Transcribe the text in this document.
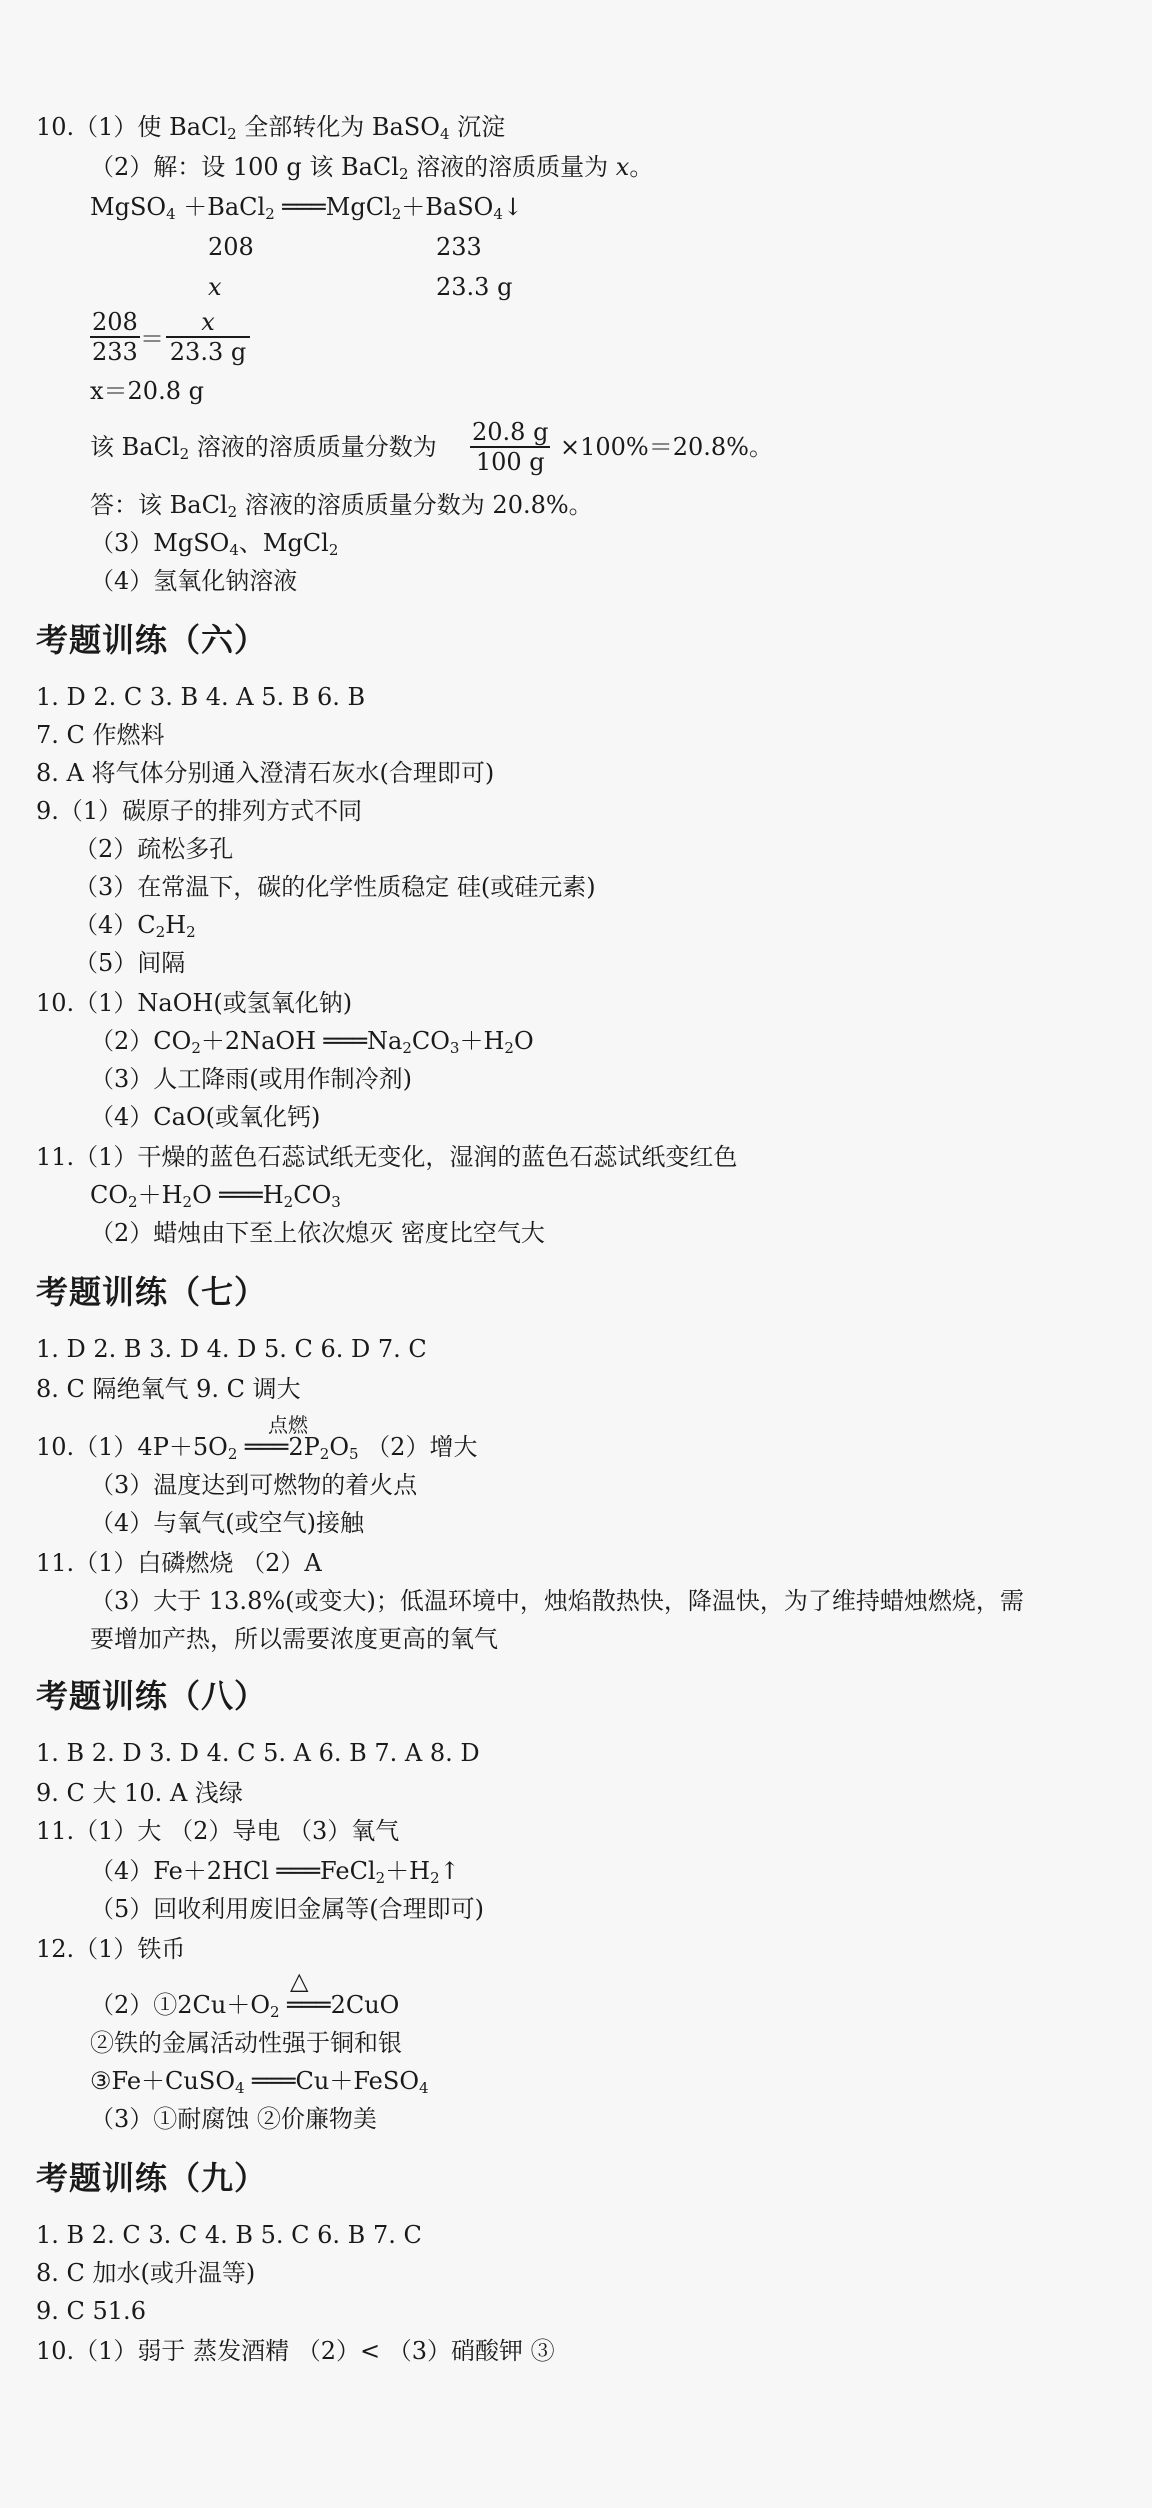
10.（1）使 BaCl$_2$ 全部转化为 BaSO$_4$ 沉淀
（2）解：设 100 g 该 BaCl$_2$ 溶液的溶质质量为 x。
MgSO$_4$ ＋BaCl$_2$ ═══MgCl$_2$＋BaSO$_4$↓
208	233
x	23.3 g
$\frac{208}{233} = \frac{x}{23.3 g}$
x＝20.8 g
该 BaCl$_2$ 溶液的溶质质量分数为 $\frac{20.8 g}{100 g} \times 100\%=20.8\%$。
答：该 BaCl$_2$ 溶液的溶质质量分数为 20.8%。
（3）MgSO$_4$、MgCl$_2$
（4）氢氧化钠溶液
考题训练（六）
1. D 2. C 3. B 4. A 5. B 6. B
7. C 作燃料
8. A 将气体分别通入澄清石灰水(合理即可)
9.（1）碳原子的排列方式不同
（2）疏松多孔
（3）在常温下，碳的化学性质稳定 硅(或硅元素)
$(4)C_2H_2$
（5）间隔
10.（1）NaOH(或氢氧化钠)
$(2)CO_2+2NaOH$ $═══Na_2CO_3+H_2O$
（3）人工降雨(或用作制冷剂)
（4）CaO(或氧化钙)
11.（1）干燥的蓝色石蕊试纸无变化，湿润的蓝色石蕊试纸变红色
$CO_2+H_2O$ $═══H_2CO_3$
（2）蜡烛由下至上依次熄灭 密度比空气大
考题训练（七）
1. D 2. B 3. D 4. D 5. C 6. D 7. C
8. C 隔绝氧气 9. C 调大
点燃
$10.(1)4P+5O_2$ $═══2P_2O_5$ （2）增大
（3）温度达到可燃物的着火点
（4）与氧气(或空气)接触
11.（1）白磷燃烧 （2）A
（3）大于 13.8%(或变大)；低温环境中，烛焰散热快，降温快，为了维持蜡烛燃烧，需
要增加产热，所以需要浓度更高的氧气
考题训练（八）
1. B 2. D 3. D 4. C 5. A 6. B 7. A 8. D
9. C 大 10. A 浅绿
11.（1）大 （2）导电 （3）氧气
（4）Fe＋2HCl $═══FeCl_2+H_2↑$
（5）回收利用废旧金属等(合理即可)
12.（1）铁币
△
$(2)①2Cu+O_2$ ═══2CuO
②铁的金属活动性强于铜和银
③Fe＋CuSO$_4$ ═══Cu＋FeSO$_4$
（3）①耐腐蚀 ②价廉物美
考题训练（九）
1. B 2. C 3. C 4. B 5. C 6. B 7. C
8. C 加水(或升温等)
9. C 51.6
10.（1）弱于 蒸发酒精 （2）< （3）硝酸钾 ③
